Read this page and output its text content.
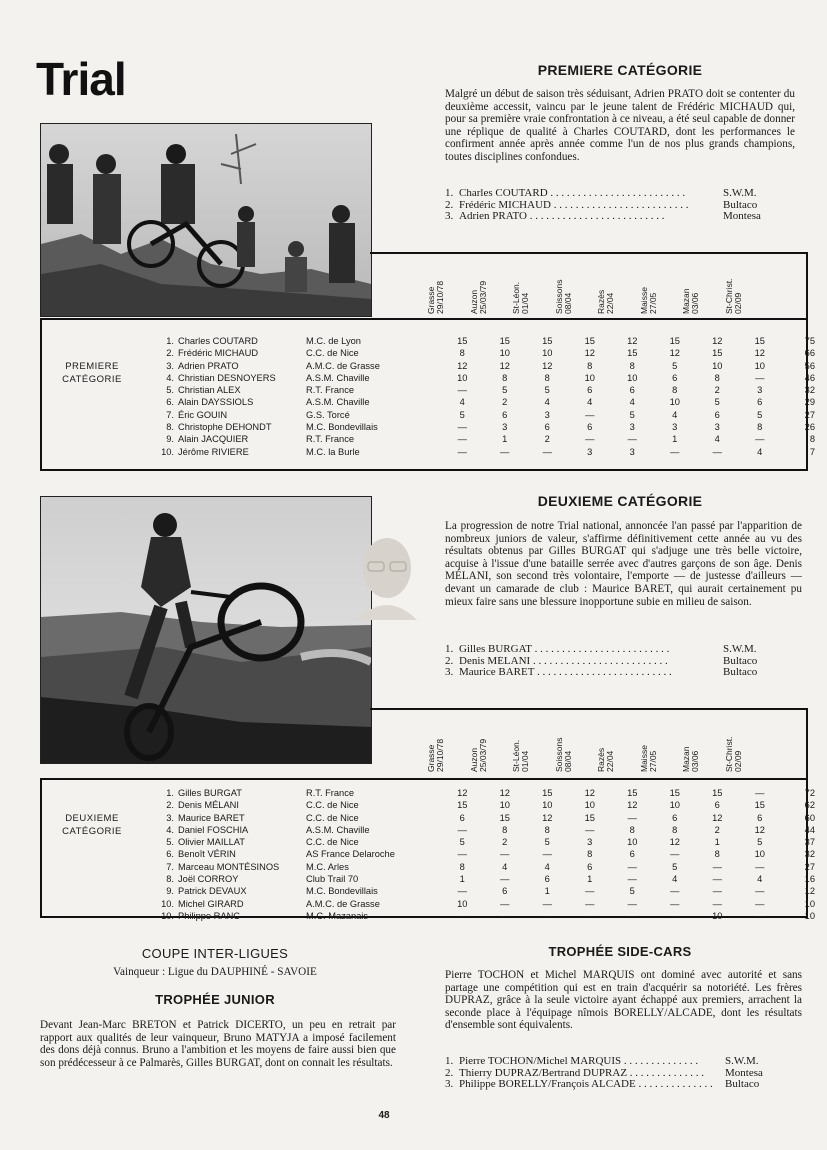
Trial	PREMIERE CATÉGORIE
Malgré un début de saison très séduisant, Adrien PRATO doit se contenter du deuxième accessit, vaincu par le jeune talent de Frédéric MICHAUD qui, pour sa première vraie confrontation à ce niveau, a été seul capable de donner une réplique de qualité à Charles COUTARD, dont les performances le confirment année après année comme l'un de nos plus grands champions, toutes disciplines confondues.
1. Charles COUTARD . . . . . . . . . . . . . . . . . . . . . . . . .	S.W.M.
2. Frédéric MICHAUD . . . . . . . . . . . . . . . . . . . . . . . . .	Bultaco
3. Adrien PRATO . . . . . . . . . . . . . . . . . . . . . . . . .	Montesa
Grasse 29/10/78	Auzon 25/03/79	St-Léon. 01/04	Soissons 08/04	Razès 22/04	Maisse 27/05	Mazan 03/06	St-Christ. 02/09
PREMIERE
CATÉGORIE
1.		Charles COUTARD	M.C. de Lyon	15	15	15	15	12	15	12	15	75
2.		Frédéric MICHAUD	C.C. de Nice	8	10	10	12	15	12	15	12	66
3.		Adrien PRATO	A.M.C. de Grasse	12	12	12	8	8	5	10	10	56
4.		Christian DESNOYERS	A.S.M. Chaville	10	8	8	10	10	6	8	—	46
5.		Christian ALEX	R.T. France	—	5	5	6	6	8	2	3	32
6.		Alain DAYSSIOLS	A.S.M. Chaville	4	2	4	4	4	10	5	6	29
7.		Éric GOUIN	G.S. Torcé	5	6	3	—	5	4	6	5	27
8.		Christophe DEHONDT	M.C. Bondevillais	—	3	6	6	3	3	3	8	26
9.		Alain JACQUIER	R.T. France	—	1	2	—	—	1	4	—	8
10.		Jérôme RIVIERE	M.C. la Burle	—	—	—	3	3	—	—	4	7
DEUXIEME CATÉGORIE
La progression de notre Trial national, annoncée l'an passé par l'apparition de nombreux juniors de valeur, s'affirme définitivement cette année au vu des résultats obtenus par Gilles BURGAT qui s'adjuge une très belle victoire, acquise à l'issue d'une bataille serrée avec d'autres garçons de son âge. Denis MÉLANI, son second très volontaire, l'emporte — de justesse d'ailleurs — devant un camarade de club : Maurice BARET, qui aurait certainement pu mieux faire sans une blessure inopportune subie en milieu de saison.
1. Gilles BURGAT . . . . . . . . . . . . . . . . . . . . . . . . .	S.W.M.
2. Denis MÉLANI . . . . . . . . . . . . . . . . . . . . . . . . .	Bultaco
3. Maurice BARET . . . . . . . . . . . . . . . . . . . . . . . . .	Bultaco
Grasse 29/10/78	Auzon 25/03/79	St-Léon. 01/04	Soissons 08/04	Razès 22/04	Maisse 27/05	Mazan 03/06	St-Christ. 02/09
DEUXIEME
CATÉGORIE
1.		Gilles BURGAT	R.T. France	12	12	15	12	15	15	15	—	72
2.		Denis MÉLANI	C.C. de Nice	15	10	10	10	12	10	6	15	62
3.		Maurice BARET	C.C. de Nice	6	15	12	15	—	6	12	6	60
4.		Daniel FOSCHIA	A.S.M. Chaville	—	8	8	—	8	8	2	12	44
5.		Olivier MAILLAT	C.C. de Nice	5	2	5	3	10	12	1	5	37
6.		Benoît VÉRIN	AS France Delaroche	—	—	—	8	6	—	8	10	32
7.		Marceau MONTÉSINOS	M.C. Arles	8	4	4	6	—	5	—	—	27
8.		Joël CORROY	Club Trail 70	1	—	6	1	—	4	—	4	16
9.		Patrick DEVAUX	M.C. Bondevillais	—	6	1	—	5	—	—	—	12
10.		Michel GIRARD	A.M.C. de Grasse	10	—	—	—	—	—	—	—	10
10.		Philippe RANC	M.C. Mazanais	—	—	—	—	—	—	10	—	10
COUPE INTER-LIGUES
Vainqueur : Ligue du DAUPHINÉ - SAVOIE
TROPHÉE JUNIOR
Devant Jean-Marc BRETON et Patrick DICERTO, un peu en retrait par rapport aux qualités de leur vainqueur, Bruno MATYJA a imposé facilement des dons déjà connus. Bruno a l'ambition et les moyens de faire aussi bien que son prédécesseur à ce Palmarès, Gilles BURGAT, dont on connait les résultats.
TROPHÉE SIDE-CARS
Pierre TOCHON et Michel MARQUIS ont dominé avec autorité et sans partage une compétition qui est en train d'acquérir sa notoriété. Les frères DUPRAZ, grâce à la seule victoire ayant échappé aux premiers, arrachent la seconde place à l'équipage nîmois BORELLY/ALCADE, dont les résultats d'ensemble sont équivalents.
1. Pierre TOCHON/Michel MARQUIS . . . . . . . . . . . . . .	S.W.M.
2. Thierry DUPRAZ/Bertrand DUPRAZ . . . . . . . . . . . . . .	Montesa
3. Philippe BORELLY/François ALCADE . . . . . . . . . . . . . .	Bultaco
48
